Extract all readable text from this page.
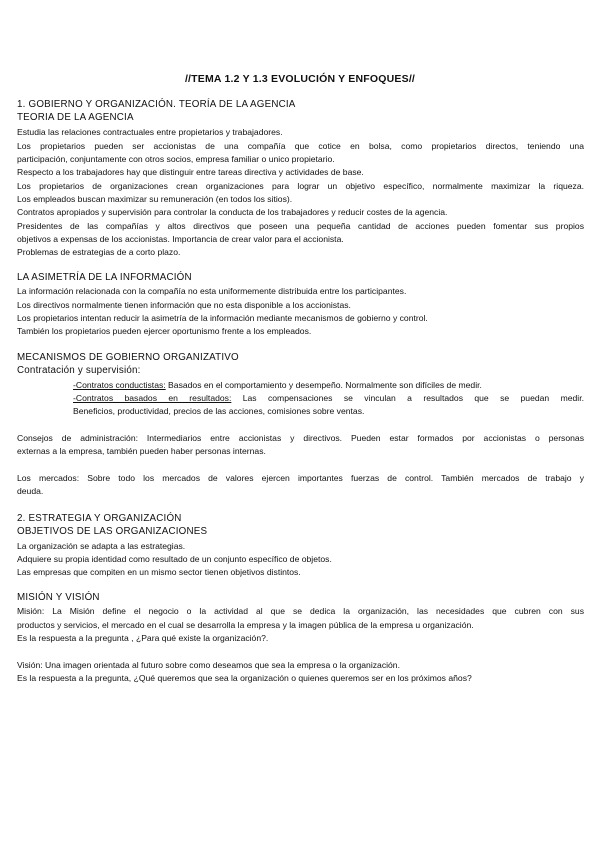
//TEMA 1.2 Y 1.3 EVOLUCIÓN Y ENFOQUES//
1. GOBIERNO Y ORGANIZACIÓN. TEORÍA DE LA AGENCIA
TEORIA DE LA AGENCIA
Estudia las relaciones contractuales entre propietarios y trabajadores.
Los propietarios pueden ser accionistas de una compañía que cotice en bolsa, como propietarios directos, teniendo una
participación, conjuntamente con otros socios, empresa familiar o unico propietario.
Respecto a los trabajadores hay que distinguir entre tareas directiva y actividades de base.
Los propietarios de organizaciones crean organizaciones para lograr un objetivo específico, normalmente maximizar la riqueza.
Los empleados buscan maximizar su remuneración (en todos los sitios).
Contratos apropiados y supervisión para controlar la conducta de los trabajadores y reducir costes de la agencia.
Presidentes de las compañías y altos directivos que poseen una pequeña cantidad de acciones pueden fomentar sus propios
objetivos a expensas de los accionistas. Importancia de crear valor para el accionista.
Problemas de estrategias de a corto plazo.
LA ASIMETRÍA DE LA INFORMACIÓN
La información relacionada con la compañía no esta uniformemente distribuida entre los participantes.
Los directivos normalmente tienen información que no esta disponible a los accionistas.
Los propietarios intentan reducir la asimetría de la información mediante mecanismos de gobierno y control.
También los propietarios pueden ejercer oportunismo frente a los empleados.
MECANISMOS DE GOBIERNO ORGANIZATIVO
Contratación y supervisión:
-Contratos conductistas: Basados en el comportamiento y desempeño. Normalmente son difíciles de medir.
-Contratos basados en resultados: Las compensaciones se vinculan a resultados que se puedan medir.
Beneficios, productividad, precios de las acciones, comisiones sobre ventas.
Consejos de administración: Intermediarios entre accionistas y directivos. Pueden estar formados por accionistas o personas
externas a la empresa, también pueden haber personas internas.
Los mercados: Sobre todo los mercados de valores ejercen importantes fuerzas de control. También mercados de trabajo y
deuda.
2. ESTRATEGIA Y ORGANIZACIÓN
OBJETIVOS DE LAS ORGANIZACIONES
La organización se adapta a las estrategias.
Adquiere su propia identidad como resultado de un conjunto específico de objetos.
Las empresas que compiten en un mismo sector tienen objetivos distintos.
MISIÓN Y VISIÓN
Misión: La Misión define el negocio o la actividad al que se dedica la organización, las necesidades que cubren con sus
productos y servicios, el mercado en el cual se desarrolla la empresa y la imagen pública de la empresa u organización.
Es la respuesta a la pregunta , ¿Para qué existe la organización?.
Visión: Una imagen orientada al futuro sobre como deseamos que sea la empresa o la organización.
Es la respuesta a la pregunta, ¿Qué queremos que sea la organización o quienes queremos ser en los próximos años?
